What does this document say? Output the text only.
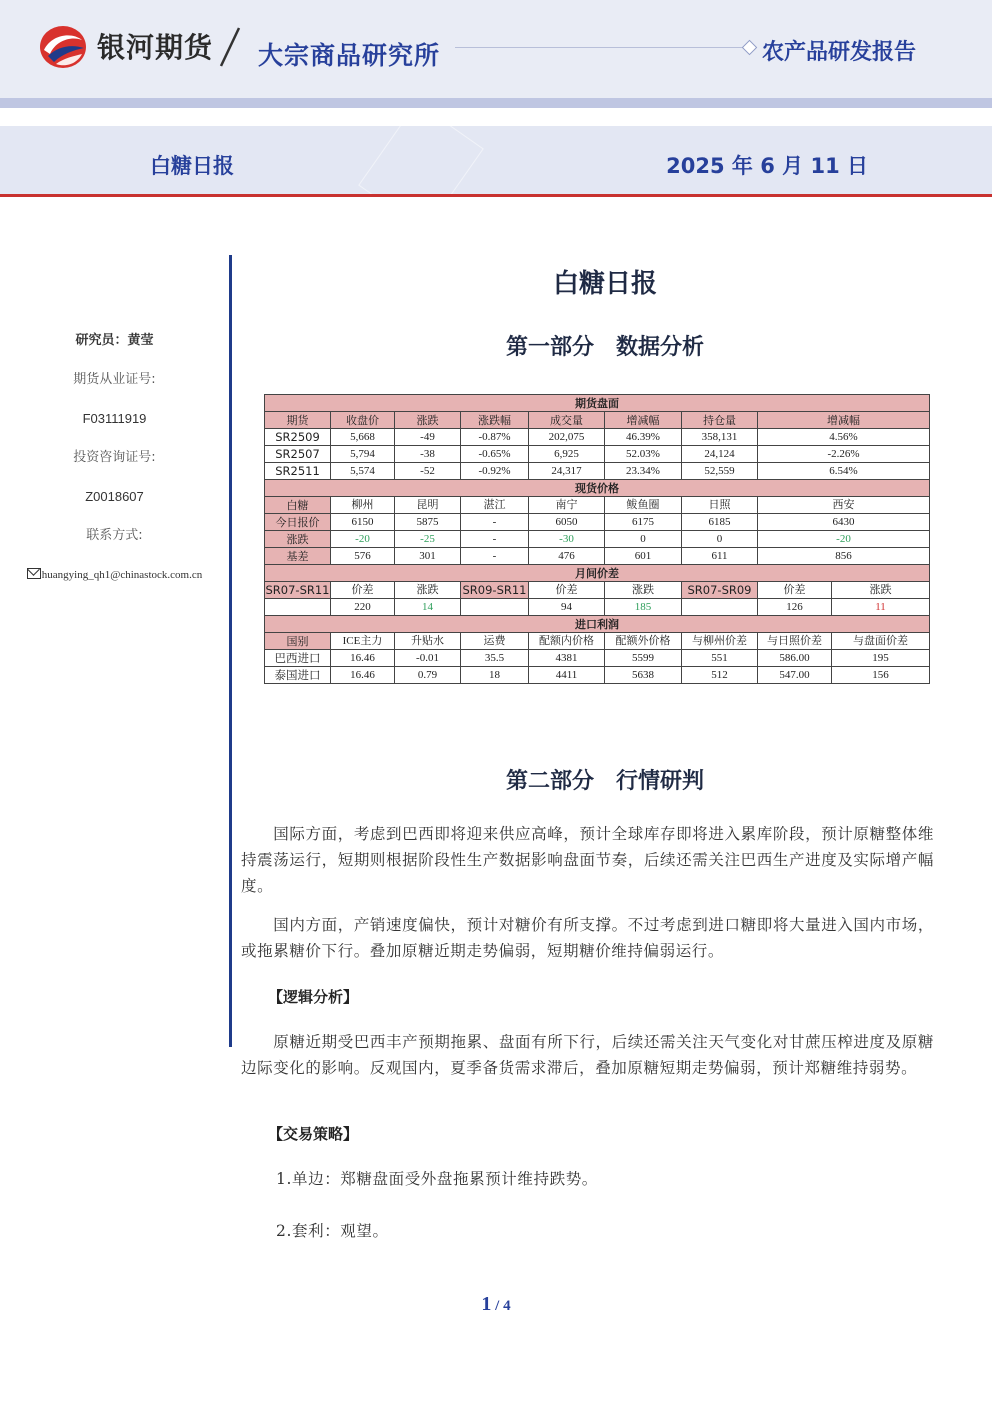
银河期货 大宗商品研究所	农产品研发报告
白糖日报	2025 年 6 月 11 日
研究员：黄莹
期货从业证号:
F03111919
投资咨询证号:
Z0018607
联系方式:
huangying_qh1@chinastock.com.cn
白糖日报
第一部分　数据分析
期货盘面								
期货	收盘价	涨跌	涨跌幅	成交量	增减幅	持仓量	增减幅	
SR2509	5,668	-49	-0.87%	202,075	46.39%	358,131	4.56%	
SR2507	5,794	-38	-0.65%	6,925	52.03%	24,124	-2.26%	
SR2511	5,574	-52	-0.92%	24,317	23.34%	52,559	6.54%	
现货价格								
白糖	柳州	昆明	湛江	南宁	鲅鱼圈	日照	西安	
今日报价	6150	5875	-	6050	6175	6185	6430	
涨跌	-20	-25	-	-30	0	0	-20	
基差	576	301	-	476	601	611	856	
月间价差								
SR07-SR11	价差	涨跌	SR09-SR11	价差	涨跌	SR07-SR09	价差	涨跌
	220	14		94	185		126	11
进口利润								
国别	ICE主力	升贴水	运费	配额内价格	配额外价格	与柳州价差	与日照价差	与盘面价差
巴西进口	16.46	-0.01	35.5	4381	5599	551	586.00	195
泰国进口	16.46	0.79	18	4411	5638	512	547.00	156
第二部分　行情研判
　　国际方面，考虑到巴西即将迎来供应高峰，预计全球库存即将进入累库阶段，预计原糖整体维持震荡运行，短期则根据阶段性生产数据影响盘面节奏，后续还需关注巴西生产进度及实际增产幅度。
　　国内方面，产销速度偏快，预计对糖价有所支撑。不过考虑到进口糖即将大量进入国内市场，或拖累糖价下行。叠加原糖近期走势偏弱，短期糖价维持偏弱运行。
【逻辑分析】
　　原糖近期受巴西丰产预期拖累、盘面有所下行，后续还需关注天气变化对甘蔗压榨进度及原糖边际变化的影响。反观国内，夏季备货需求滞后，叠加原糖短期走势偏弱，预计郑糖维持弱势。
【交易策略】
1.单边：郑糖盘面受外盘拖累预计维持跌势。
2.套利：观望。
1 / 4
